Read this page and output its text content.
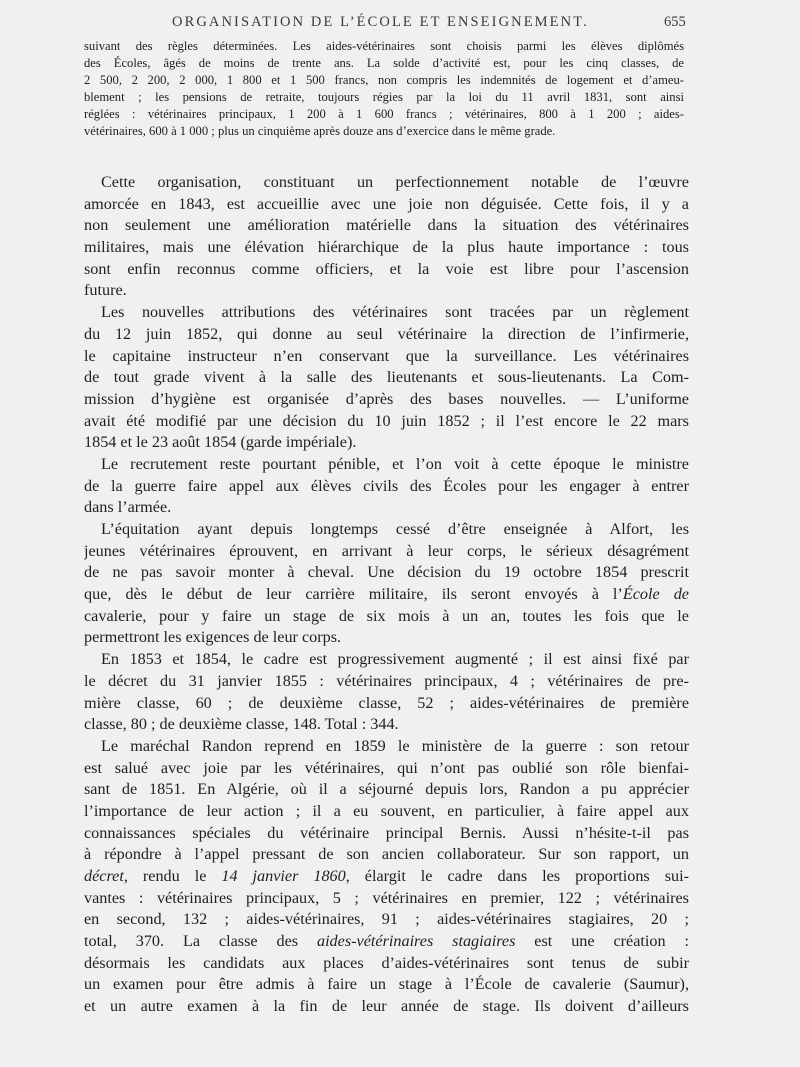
ORGANISATION DE L’ÉCOLE ET ENSEIGNEMENT.	655
suivant des règles déterminées. Les aides-vétérinaires sont choisis parmi les élèves diplômés
des Écoles, âgés de moins de trente ans. La solde d’activité est, pour les cinq classes, de
2 500, 2 200, 2 000, 1 800 et 1 500 francs, non compris les indemnités de logement et d’ameu-
blement ; les pensions de retraite, toujours régies par la loi du 11 avril 1831, sont ainsi
réglées : vétérinaires principaux, 1 200 à 1 600 francs ; vétérinaires, 800 à 1 200 ; aides-
vétérinaires, 600 à 1 000 ; plus un cinquième après douze ans d’exercice dans le même grade.
Cette organisation, constituant un perfectionnement notable de l’œuvre
amorcée en 1843, est accueillie avec une joie non déguisée. Cette fois, il y a
non seulement une amélioration matérielle dans la situation des vétérinaires
militaires, mais une élévation hiérarchique de la plus haute importance : tous
sont enfin reconnus comme officiers, et la voie est libre pour l’ascension
future.
Les nouvelles attributions des vétérinaires sont tracées par un règlement
du 12 juin 1852, qui donne au seul vétérinaire la direction de l’infirmerie,
le capitaine instructeur n’en conservant que la surveillance. Les vétérinaires
de tout grade vivent à la salle des lieutenants et sous-lieutenants. La Com-
mission d’hygiène est organisée d’après des bases nouvelles. — L’uniforme
avait été modifié par une décision du 10 juin 1852 ; il l’est encore le 22 mars
1854 et le 23 août 1854 (garde impériale).
Le recrutement reste pourtant pénible, et l’on voit à cette époque le ministre
de la guerre faire appel aux élèves civils des Écoles pour les engager à entrer
dans l’armée.
L’équitation ayant depuis longtemps cessé d’être enseignée à Alfort, les
jeunes vétérinaires éprouvent, en arrivant à leur corps, le sérieux désagrément
de ne pas savoir monter à cheval. Une décision du 19 octobre 1854 prescrit
que, dès le début de leur carrière militaire, ils seront envoyés à l’École de
cavalerie, pour y faire un stage de six mois à un an, toutes les fois que le
permettront les exigences de leur corps.
En 1853 et 1854, le cadre est progressivement augmenté ; il est ainsi fixé par
le décret du 31 janvier 1855 : vétérinaires principaux, 4 ; vétérinaires de pre-
mière classe, 60 ; de deuxième classe, 52 ; aides-vétérinaires de première
classe, 80 ; de deuxième classe, 148. Total : 344.
Le maréchal Randon reprend en 1859 le ministère de la guerre : son retour
est salué avec joie par les vétérinaires, qui n’ont pas oublié son rôle bienfai-
sant de 1851. En Algérie, où il a séjourné depuis lors, Randon a pu apprécier
l’importance de leur action ; il a eu souvent, en particulier, à faire appel aux
connaissances spéciales du vétérinaire principal Bernis. Aussi n’hésite-t-il pas
à répondre à l’appel pressant de son ancien collaborateur. Sur son rapport, un
décret, rendu le 14 janvier 1860, élargit le cadre dans les proportions sui-
vantes : vétérinaires principaux, 5 ; vétérinaires en premier, 122 ; vétérinaires
en second, 132 ; aides-vétérinaires, 91 ; aides-vétérinaires stagiaires, 20 ;
total, 370. La classe des aides-vétérinaires stagiaires est une création :
désormais les candidats aux places d’aides-vétérinaires sont tenus de subir
un examen pour être admis à faire un stage à l’École de cavalerie (Saumur),
et un autre examen à la fin de leur année de stage. Ils doivent d’ailleurs
